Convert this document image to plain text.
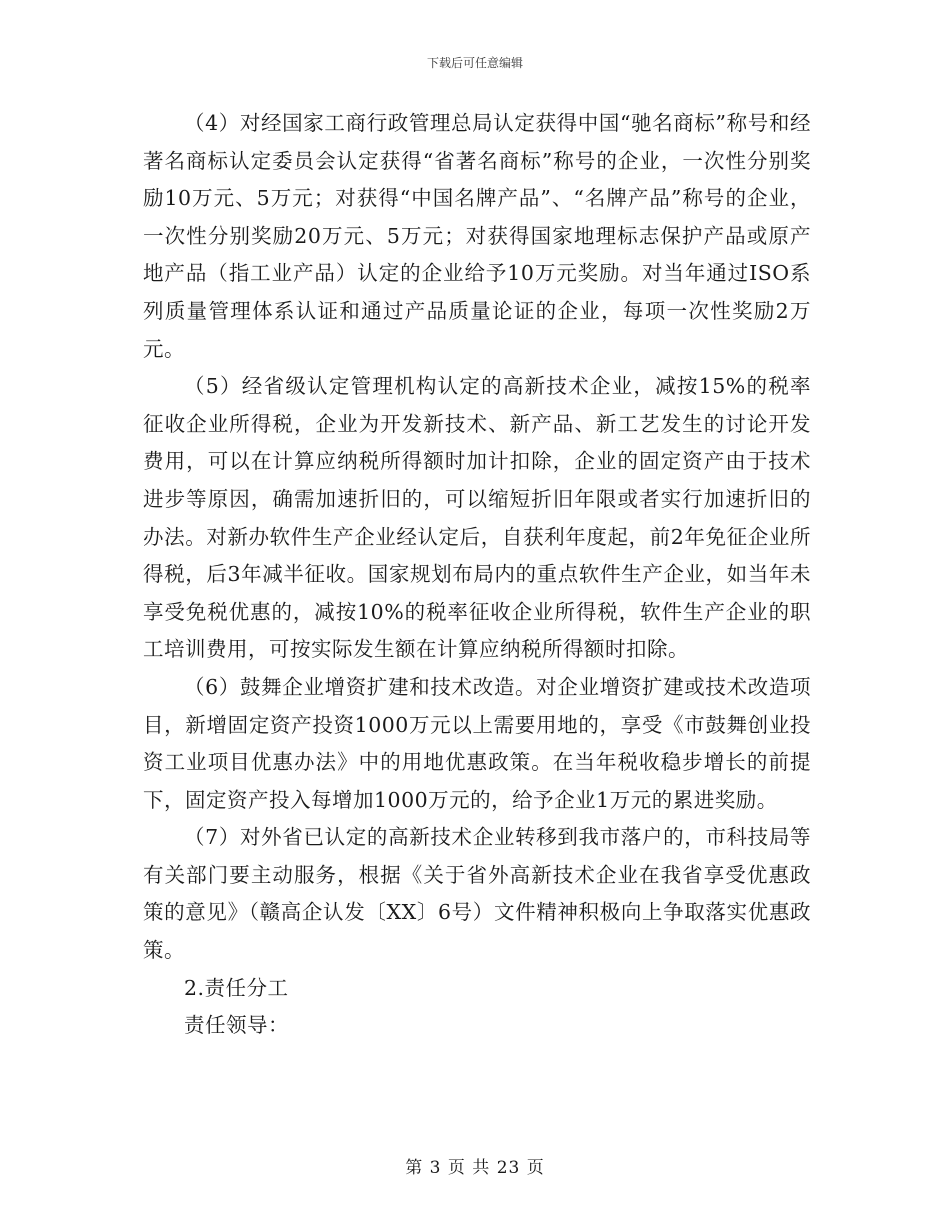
下载后可任意编辑

（4）对经国家工商行政管理总局认定获得中国“驰名商标”称号和经著名商标认定委员会认定获得“省著名商标”称号的企业，一次性分别奖励10万元、5万元；对获得“中国名牌产品”、“名牌产品”称号的企业，一次性分别奖励20万元、5万元；对获得国家地理标志保护产品或原产地产品（指工业产品）认定的企业给予10万元奖励。对当年通过ISO系列质量管理体系认证和通过产品质量论证的企业，每项一次性奖励2万元。

（5）经省级认定管理机构认定的高新技术企业，减按15%的税率征收企业所得税，企业为开发新技术、新产品、新工艺发生的讨论开发费用，可以在计算应纳税所得额时加计扣除，企业的固定资产由于技术进步等原因，确需加速折旧的，可以缩短折旧年限或者实行加速折旧的办法。对新办软件生产企业经认定后，自获利年度起，前2年免征企业所得税，后3年减半征收。国家规划布局内的重点软件生产企业，如当年未享受免税优惠的，减按10%的税率征收企业所得税，软件生产企业的职工培训费用，可按实际发生额在计算应纳税所得额时扣除。

（6）鼓舞企业增资扩建和技术改造。对企业增资扩建或技术改造项目，新增固定资产投资1000万元以上需要用地的，享受《市鼓舞创业投资工业项目优惠办法》中的用地优惠政策。在当年税收稳步增长的前提下，固定资产投入每增加1000万元的，给予企业1万元的累进奖励。

（7）对外省已认定的高新技术企业转移到我市落户的，市科技局等有关部门要主动服务，根据《关于省外高新技术企业在我省享受优惠政策的意见》（赣高企认发〔XX〕6号）文件精神积极向上争取落实优惠政策。

2.责任分工

责任领导：

第 3 页 共 23 页
